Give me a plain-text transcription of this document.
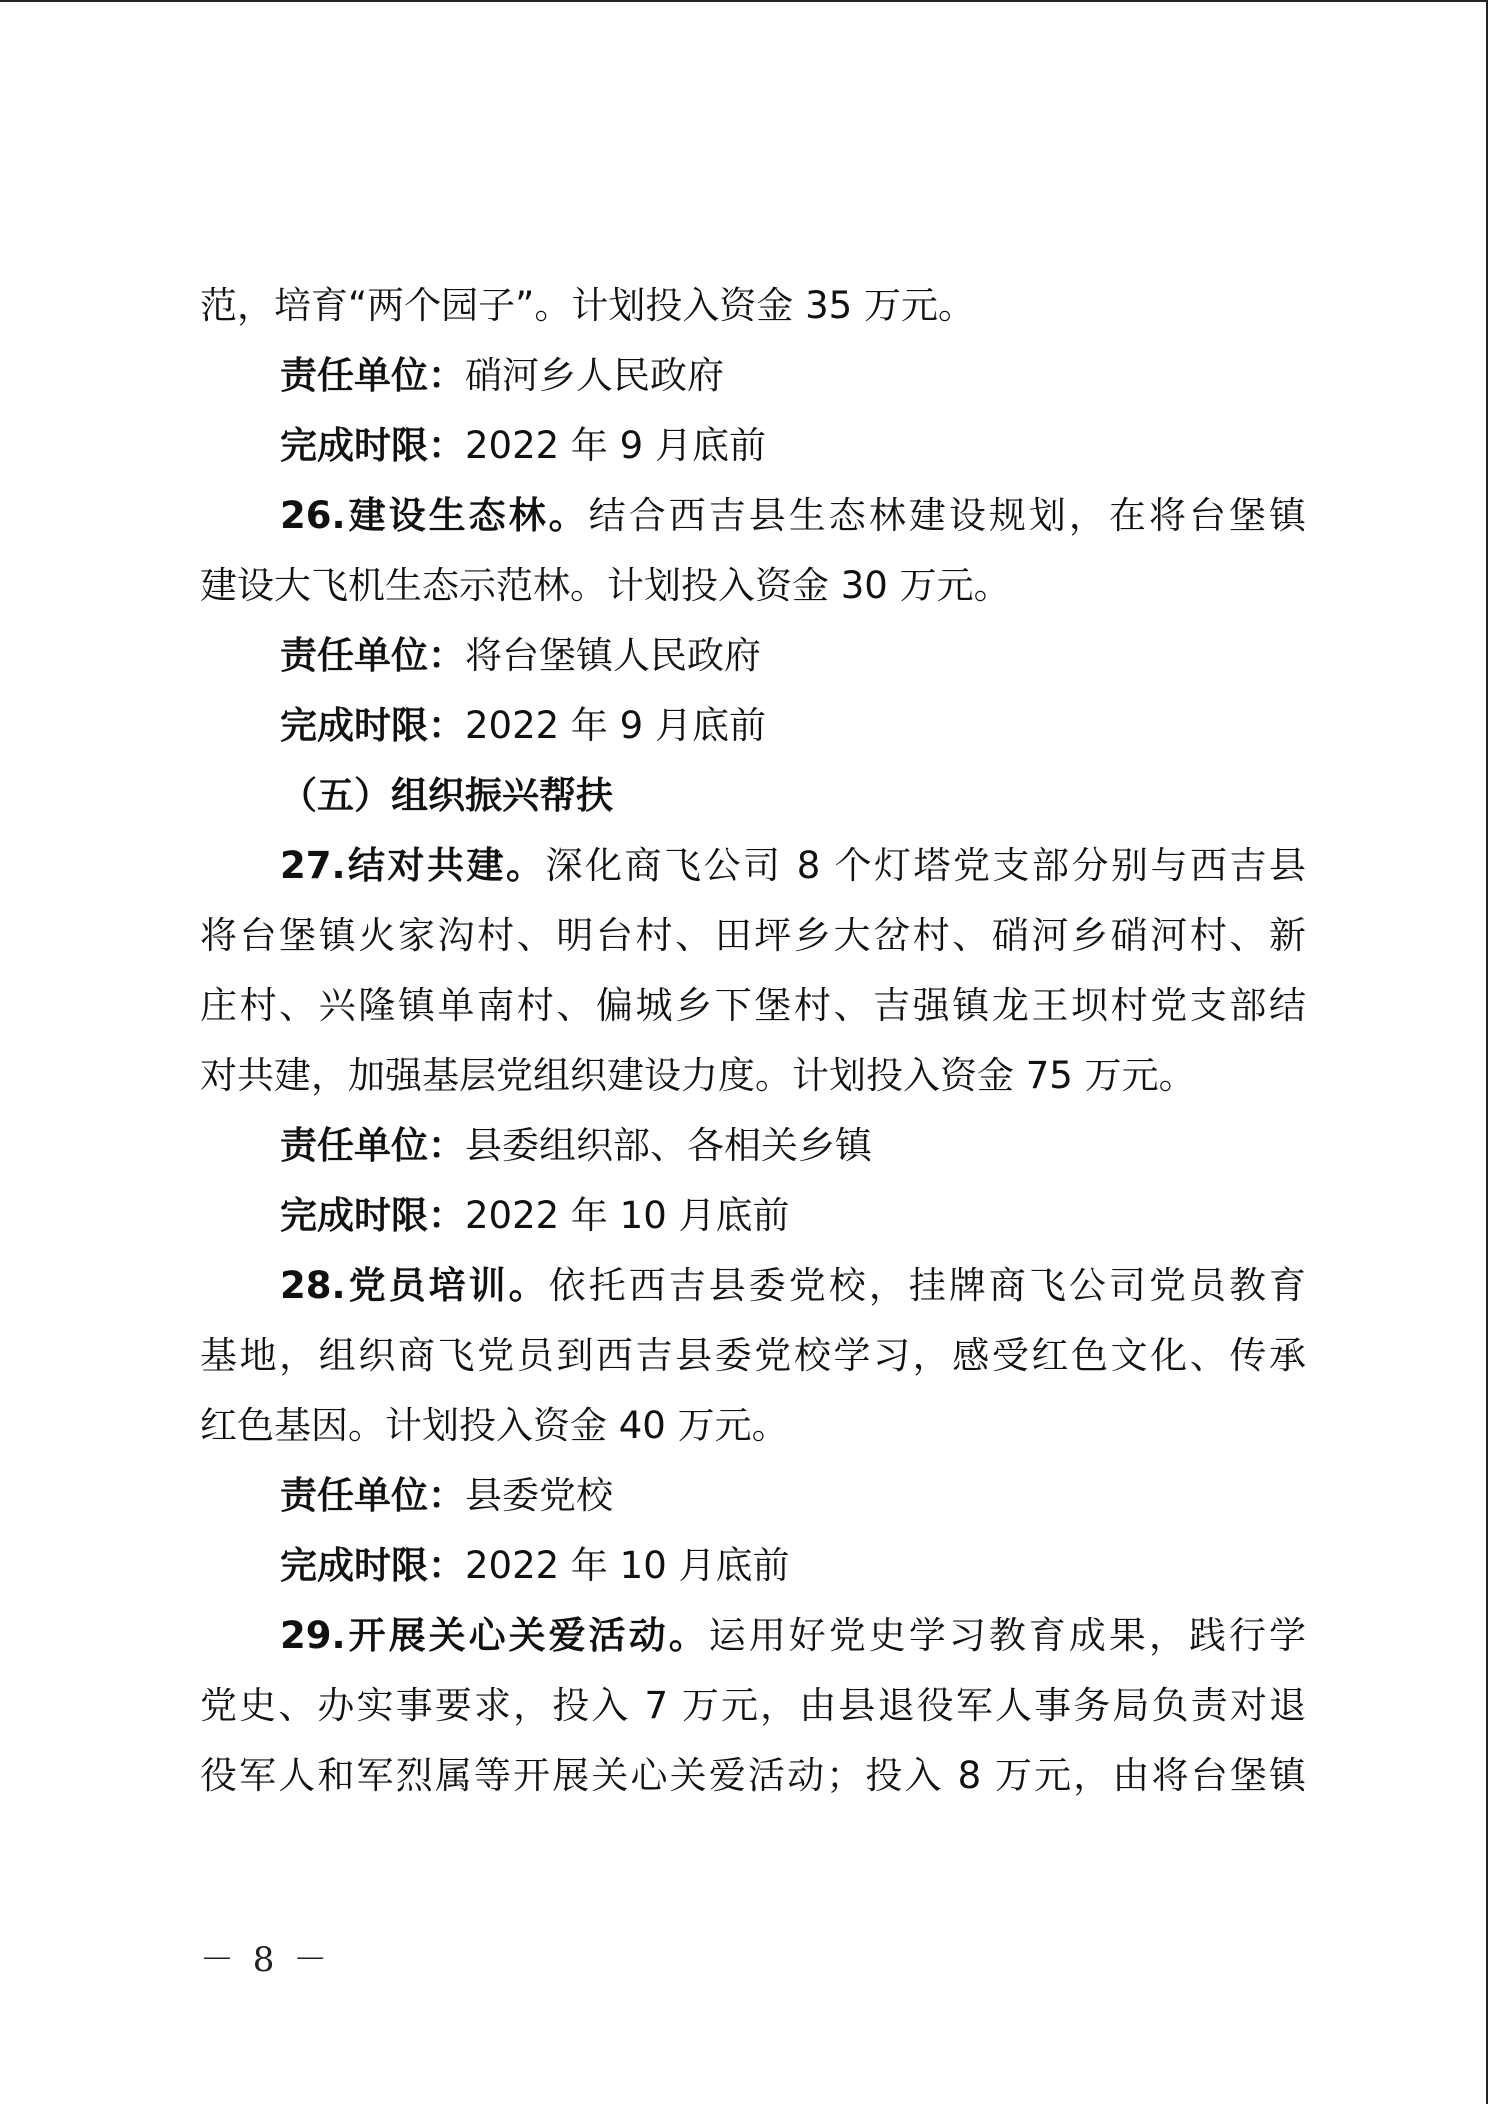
范，培育“两个园子”。计划投入资金 35 万元。
责任单位：硝河乡人民政府
完成时限：2022 年 9 月底前
26.建设生态林。结合西吉县生态林建设规划，在将台堡镇
建设大飞机生态示范林。计划投入资金 30 万元。
责任单位：将台堡镇人民政府
完成时限：2022 年 9 月底前
（五）组织振兴帮扶
27.结对共建。深化商飞公司 8 个灯塔党支部分别与西吉县
将台堡镇火家沟村、明台村、田坪乡大岔村、硝河乡硝河村、新
庄村、兴隆镇单南村、偏城乡下堡村、吉强镇龙王坝村党支部结
对共建，加强基层党组织建设力度。计划投入资金 75 万元。
责任单位：县委组织部、各相关乡镇
完成时限：2022 年 10 月底前
28.党员培训。依托西吉县委党校，挂牌商飞公司党员教育
基地，组织商飞党员到西吉县委党校学习，感受红色文化、传承
红色基因。计划投入资金 40 万元。
责任单位：县委党校
完成时限：2022 年 10 月底前
29.开展关心关爱活动。运用好党史学习教育成果，践行学
党史、办实事要求，投入 7 万元，由县退役军人事务局负责对退
役军人和军烈属等开展关心关爱活动；投入 8 万元，由将台堡镇
－ 8 －
